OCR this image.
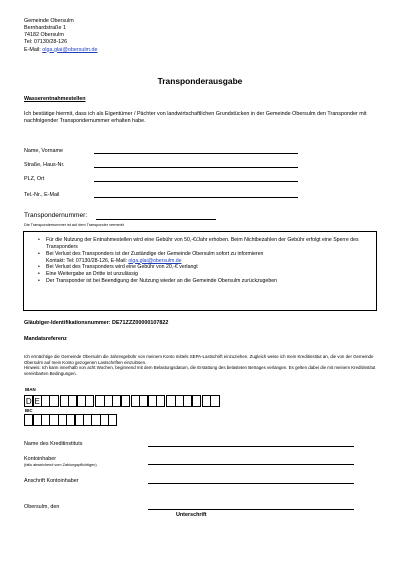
Gemeinde Obersulm
Bernhardstraße 1
74182 Obersulm
Tel: 07130/28-126
E-Mail: olga.glai@obersulm.de
Transponderausgabe
Wasserentnahmestellen
Ich bestätige hiermit, dass ich als Eigentümer / Pächter von landwirtschaftlichen Grundstücken in der Gemeinde Obersulm den Transponder mit nachfolgender Transpondernummer erhalten habe.
Name, Vorname
Straße, Haus-Nr.
PLZ, Ort
Tel.-Nr., E-Mail
Transpondernummer:
Die Transpondernummer ist auf dem Transponder vermerkt
• Für die Nutzung der Entnahmestellen wird eine Gebühr von 50,-€/Jahr erhoben. Beim Nichtbezahlen der Gebühr erfolgt eine Sperre des Transponders
• Bei Verlust des Transponders ist der Zuständige der Gemeinde Obersulm sofort zu informieren
Kontakt: Tel: 07130/28-126, E-Mail: olga.glai@obersulm.de
• Bei Verlust des Transponders wird eine Gebühr von 20,-€ verlangt
• Eine Weitergabe an Dritte ist unzulässig
• Der Transponder ist bei Beendigung der Nutzung wieder an die Gemeinde Obersulm zurückzugeben
Gläubiger-Identifikationsnummer: DE71ZZZ00000107822
Mandatsreferenz
Ich ermächtige die Gemeinde Obersulm die Jahresgebühr von meinem Konto mittels SEPA-Lastschrift einzuziehen. Zugleich weise ich mein Kreditinstitut an, die von der Gemeinde Obersulm auf mein Konto gezogenen Lastschriften einzulösen.
Hinweis: Ich kann innerhalb von acht Wochen, beginnend mit dem Belastungsdatum, die Erstattung des belasteten Betrages verlangen. Es gelten dabei die mit meinem Kreditinstitut vereinbarten Bedingungen.
IBAN
D E
BIC
Name des Kreditinstituts
Kontoinhaber
(falls abweichend vom Zahlungspflichtigen)
Anschrift Kontoinhaber
Obersulm, den
Unterschrift
